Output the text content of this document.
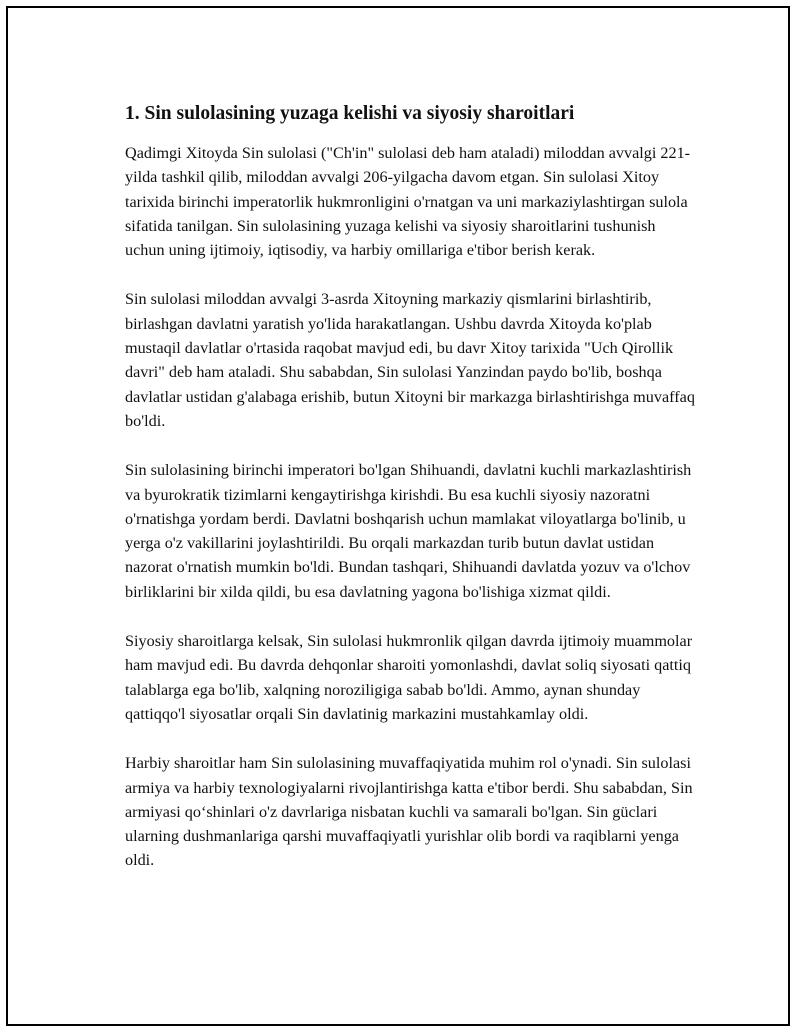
1. Sin sulolasining yuzaga kelishi va siyosiy sharoitlari

Qadimgi Xitoyda Sin sulolasi ("Ch'in" sulolasi deb ham ataladi) miloddan avvalgi 221-yilda tashkil qilib, miloddan avvalgi 206-yilgacha davom etgan. Sin sulolasi Xitoy tarixida birinchi imperatorlik hukmronligini o'rnatgan va uni markaziylashtirgan sulola sifatida tanilgan. Sin sulolasining yuzaga kelishi va siyosiy sharoitlarini tushunish uchun uning ijtimoiy, iqtisodiy, va harbiy omillariga e'tibor berish kerak.

Sin sulolasi miloddan avvalgi 3-asrda Xitoyning markaziy qismlarini birlashtirib, birlashgan davlatni yaratish yo'lida harakatlangan. Ushbu davrda Xitoyda ko'plab mustaqil davlatlar o'rtasida raqobat mavjud edi, bu davr Xitoy tarixida "Uch Qirollik davri" deb ham ataladi. Shu sababdan, Sin sulolasi Yanzindan paydo bo'lib, boshqa davlatlar ustidan g'alabaga erishib, butun Xitoyni bir markazga birlashtirishga muvaffaq bo'ldi.

Sin sulolasining birinchi imperatori bo'lgan Shihuandi, davlatni kuchli markazlashtirish va byurokratik tizimlarni kengaytirishga kirishdi. Bu esa kuchli siyosiy nazoratni o'rnatishga yordam berdi. Davlatni boshqarish uchun mamlakat viloyatlarga bo'linib, u yerga o'z vakillarini joylashtirildi. Bu orqali markazdan turib butun davlat ustidan nazorat o'rnatish mumkin bo'ldi. Bundan tashqari, Shihuandi davlatda yozuv va o'lchov birliklarini bir xilda qildi, bu esa davlatning yagona bo'lishiga xizmat qildi.

Siyosiy sharoitlarga kelsak, Sin sulolasi hukmronlik qilgan davrda ijtimoiy muammolar ham mavjud edi. Bu davrda dehqonlar sharoiti yomonlashdi, davlat soliq siyosati qattiq talablarga ega bo'lib, xalqning noroziligiga sabab bo'ldi. Ammo, aynan shunday qattiqqo'l siyosatlar orqali Sin davlatinig markazini mustahkamlay oldi.

Harbiy sharoitlar ham Sin sulolasining muvaffaqiyatida muhim rol o'ynadi. Sin sulolasi armiya va harbiy texnologiyalarni rivojlantirishga katta e'tibor berdi. Shu sababdan, Sin armiyasi qo‘shinlari o'z davrlariga nisbatan kuchli va samarali bo'lgan. Sin güclari ularning dushmanlariga qarshi muvaffaqiyatli yurishlar olib bordi va raqiblarni yenga oldi.
